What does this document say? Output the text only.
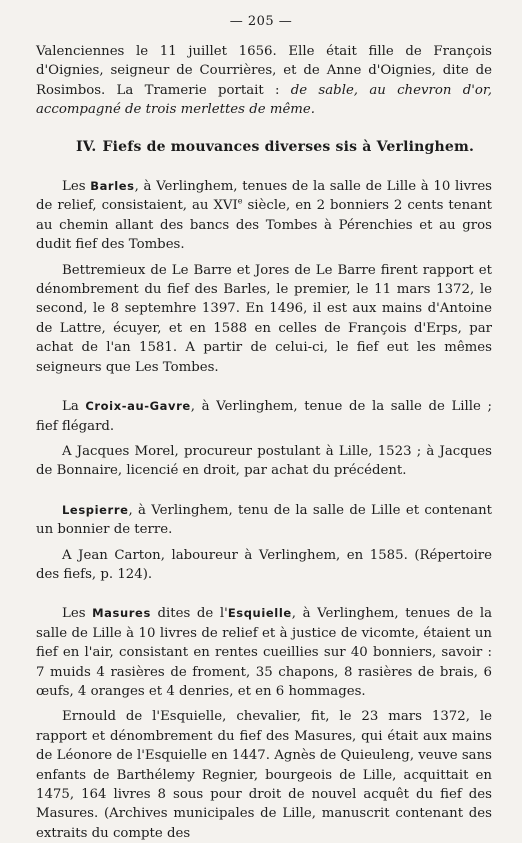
— 205 —

Valenciennes le 11 juillet 1656. Elle était fille de François d'Oignies, seigneur de Courrières, et de Anne d'Oignies, dite de Rosimbos. La Tramerie portait : de sable, au chevron d'or, accompagné de trois merlettes de même.

IV. Fiefs de mouvances diverses sis à Verlinghem.

Les Barles, à Verlinghem, tenues de la salle de Lille à 10 livres de relief, consistaient, au XVIe siècle, en 2 bonniers 2 cents tenant au chemin allant des bancs des Tombes à Pérenchies et au gros dudit fief des Tombes.

Bettremieux de Le Barre et Jores de Le Barre firent rapport et dénombrement du fief des Barles, le premier, le 11 mars 1372, le second, le 8 septemhre 1397. En 1496, il est aux mains d'Antoine de Lattre, écuyer, et en 1588 en celles de François d'Erps, par achat de l'an 1581. A partir de celui-ci, le fief eut les mêmes seigneurs que Les Tombes.

La Croix-au-Gavre, à Verlinghem, tenue de la salle de Lille ; fief flégard.

A Jacques Morel, procureur postulant à Lille, 1523 ; à Jacques de Bonnaire, licencié en droit, par achat du précédent.

Lespierre, à Verlinghem, tenu de la salle de Lille et contenant un bonnier de terre.

A Jean Carton, laboureur à Verlinghem, en 1585. (Répertoire des fiefs, p. 124).

Les Masures dites de l'Esquielle, à Verlinghem, tenues de la salle de Lille à 10 livres de relief et à justice de vicomte, étaient un fief en l'air, consistant en rentes cueillies sur 40 bonniers, savoir : 7 muids 4 rasières de froment, 35 chapons, 8 rasières de brais, 6 œufs, 4 oranges et 4 denries, et en 6 hommages.

Ernould de l'Esquielle, chevalier, fit, le 23 mars 1372, le rapport et dénombrement du fief des Masures, qui était aux mains de Léonore de l'Esquielle en 1447. Agnès de Quieuleng, veuve sans enfants de Barthélemy Regnier, bourgeois de Lille, acquittait en 1475, 164 livres 8 sous pour droit de nouvel acquêt du fief des Masures. (Archives municipales de Lille, manuscrit contenant des extraits du compte des
